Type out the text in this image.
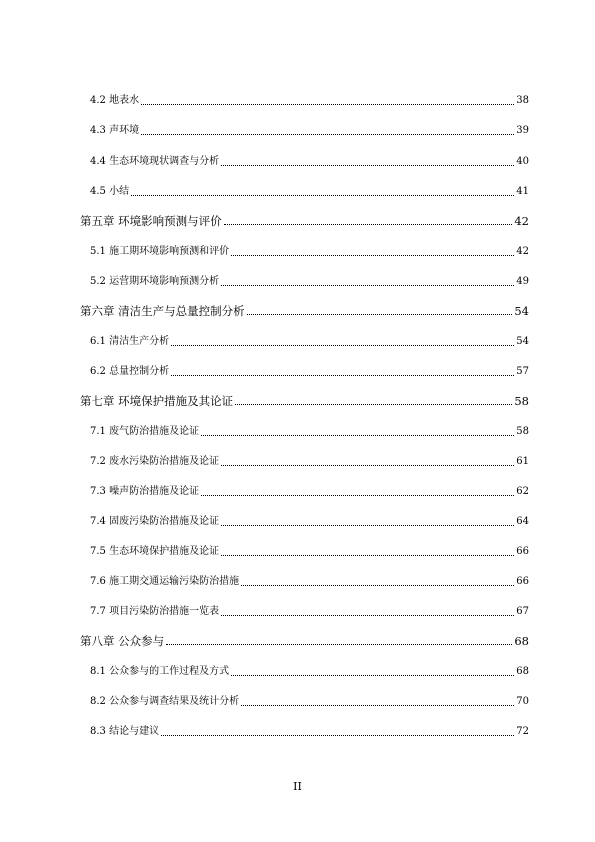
4.2 地表水	38
4.3 声环境	39
4.4 生态环境现状调查与分析	40
4.5 小结	41
第五章 环境影响预测与评价	42
5.1 施工期环境影响预测和评价	42
5.2 运营期环境影响预测分析	49
第六章 清洁生产与总量控制分析	54
6.1 清洁生产分析	54
6.2 总量控制分析	57
第七章 环境保护措施及其论证	58
7.1 废气防治措施及论证	58
7.2 废水污染防治措施及论证	61
7.3 噪声防治措施及论证	62
7.4 固废污染防治措施及论证	64
7.5 生态环境保护措施及论证	66
7.6 施工期交通运输污染防治措施	66
7.7 项目污染防治措施一览表	67
第八章 公众参与	68
8.1 公众参与的工作过程及方式	68
8.2 公众参与调查结果及统计分析	70
8.3 结论与建议	72
II
